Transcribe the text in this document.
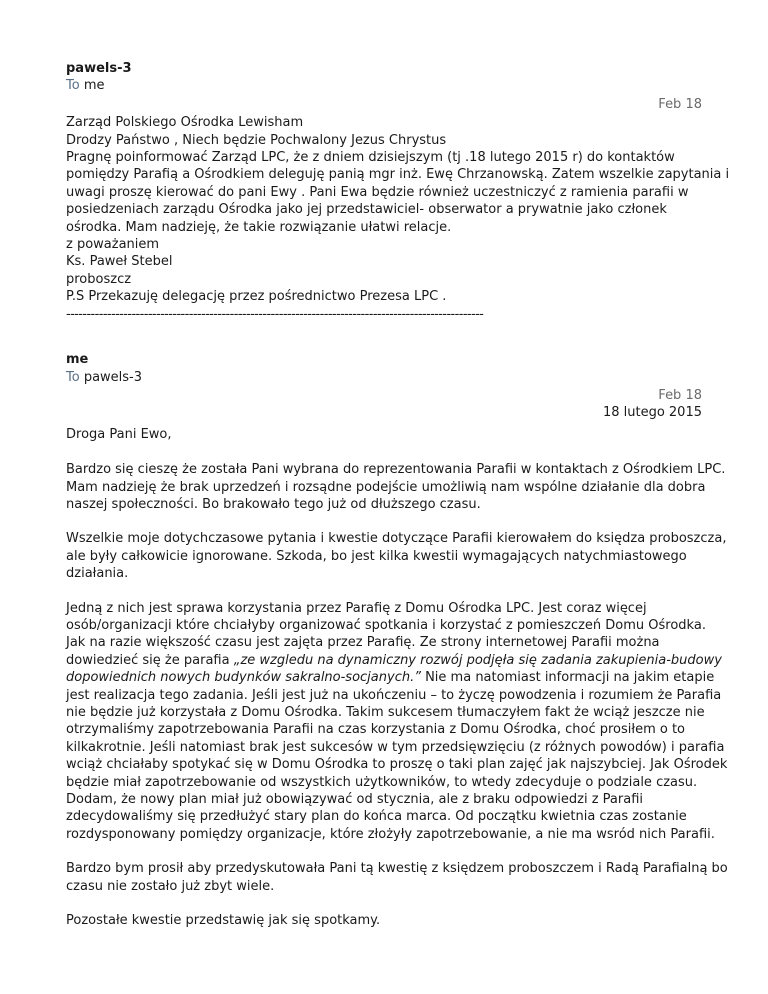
pawels-3
To me
Feb 18
Zarząd Polskiego Ośrodka Lewisham
Drodzy Państwo , Niech będzie Pochwalony Jezus Chrystus
Pragnę poinformować Zarząd LPC, że z dniem dzisiejszym (tj .18 lutego 2015 r) do kontaktów
pomiędzy Parafią a Ośrodkiem deleguję panią mgr inż. Ewę Chrzanowską. Zatem wszelkie zapytania i
uwagi proszę kierować do pani Ewy . Pani Ewa będzie również uczestniczyć z ramienia parafii w
posiedzeniach zarządu Ośrodka jako jej przedstawiciel- obserwator a prywatnie jako członek
ośrodka. Mam nadzieję, że takie rozwiązanie ułatwi relacje.
z poważaniem
Ks. Paweł Stebel
proboszcz
P.S Przekazuję delegację przez pośrednictwo Prezesa LPC .
------------------------------------------------------------------------------------------------------
me
To pawels-3
Feb 18
18 lutego 2015
Droga Pani Ewo,
Bardzo się cieszę że została Pani wybrana do reprezentowania Parafii w kontaktach z Ośrodkiem LPC.
Mam nadzieję że brak uprzedzeń i rozsądne podejście umożliwią nam wspólne działanie dla dobra
naszej społeczności. Bo brakowało tego już od dłuższego czasu.
Wszelkie moje dotychczasowe pytania i kwestie dotyczące Parafii kierowałem do księdza proboszcza,
ale były całkowicie ignorowane. Szkoda, bo jest kilka kwestii wymagających natychmiastowego
działania.
Jedną z nich jest sprawa korzystania przez Parafię z Domu Ośrodka LPC. Jest coraz więcej
osób/organizacji które chciałyby organizować spotkania i korzystać z pomieszczeń Domu Ośrodka.
Jak na razie większość czasu jest zajęta przez Parafię. Ze strony internetowej Parafii można
dowiedzieć się że parafia „ze wzgledu na dynamiczny rozwój podjęła się zadania zakupienia-budowy
dopowiednich nowych budynków sakralno-socjanych.” Nie ma natomiast informacji na jakim etapie
jest realizacja tego zadania. Jeśli jest już na ukończeniu – to życzę powodzenia i rozumiem że Parafia
nie będzie już korzystała z Domu Ośrodka. Takim sukcesem tłumaczyłem fakt że wciąż jeszcze nie
otrzymaliśmy zapotrzebowania Parafii na czas korzystania z Domu Ośrodka, choć prosiłem o to
kilkakrotnie. Jeśli natomiast brak jest sukcesów w tym przedsięwzięciu (z różnych powodów) i parafia
wciąż chciałaby spotykać się w Domu Ośrodka to proszę o taki plan zajęć jak najszybciej. Jak Ośrodek
będzie miał zapotrzebowanie od wszystkich użytkowników, to wtedy zdecyduje o podziale czasu.
Dodam, że nowy plan miał już obowiązywać od stycznia, ale z braku odpowiedzi z Parafii
zdecydowaliśmy się przedłużyć stary plan do końca marca. Od początku kwietnia czas zostanie
rozdysponowany pomiędzy organizacje, które złożyły zapotrzebowanie, a nie ma wsród nich Parafii.
Bardzo bym prosił aby przedyskutowała Pani tą kwestię z księdzem proboszczem i Radą Parafialną bo
czasu nie zostało już zbyt wiele.
Pozostałe kwestie przedstawię jak się spotkamy.
